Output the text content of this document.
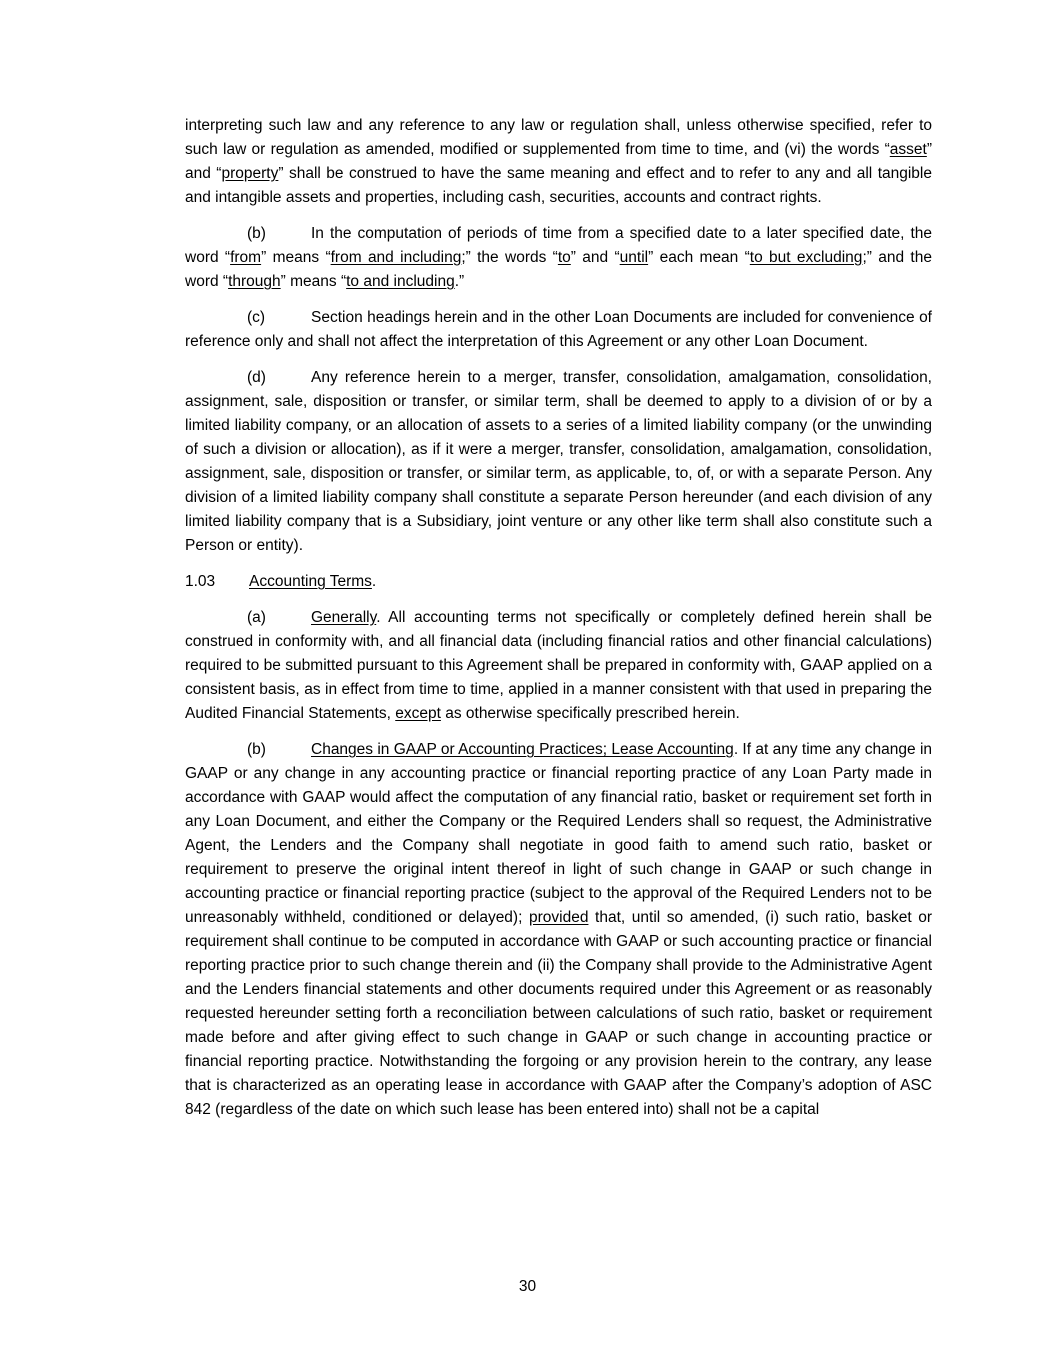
interpreting such law and any reference to any law or regulation shall, unless otherwise specified, refer to such law or regulation as amended, modified or supplemented from time to time, and (vi) the words “asset” and “property” shall be construed to have the same meaning and effect and to refer to any and all tangible and intangible assets and properties, including cash, securities, accounts and contract rights.

(b)	In the computation of periods of time from a specified date to a later specified date, the word “from” means “from and including;” the words “to” and “until” each mean “to but excluding;” and the word “through” means “to and including.”

(c)	Section headings herein and in the other Loan Documents are included for convenience of reference only and shall not affect the interpretation of this Agreement or any other Loan Document.

(d)	Any reference herein to a merger, transfer, consolidation, amalgamation, consolidation, assignment, sale, disposition or transfer, or similar term, shall be deemed to apply to a division of or by a limited liability company, or an allocation of assets to a series of a limited liability company (or the unwinding of such a division or allocation), as if it were a merger, transfer, consolidation, amalgamation, consolidation, assignment, sale, disposition or transfer, or similar term, as applicable, to, of, or with a separate Person. Any division of a limited liability company shall constitute a separate Person hereunder (and each division of any limited liability company that is a Subsidiary, joint venture or any other like term shall also constitute such a Person or entity).

1.03 Accounting Terms.

(a)	Generally. All accounting terms not specifically or completely defined herein shall be construed in conformity with, and all financial data (including financial ratios and other financial calculations) required to be submitted pursuant to this Agreement shall be prepared in conformity with, GAAP applied on a consistent basis, as in effect from time to time, applied in a manner consistent with that used in preparing the Audited Financial Statements, except as otherwise specifically prescribed herein.

(b)	Changes in GAAP or Accounting Practices; Lease Accounting. If at any time any change in GAAP or any change in any accounting practice or financial reporting practice of any Loan Party made in accordance with GAAP would affect the computation of any financial ratio, basket or requirement set forth in any Loan Document, and either the Company or the Required Lenders shall so request, the Administrative Agent, the Lenders and the Company shall negotiate in good faith to amend such ratio, basket or requirement to preserve the original intent thereof in light of such change in GAAP or such change in accounting practice or financial reporting practice (subject to the approval of the Required Lenders not to be unreasonably withheld, conditioned or delayed); provided that, until so amended, (i) such ratio, basket or requirement shall continue to be computed in accordance with GAAP or such accounting practice or financial reporting practice prior to such change therein and (ii) the Company shall provide to the Administrative Agent and the Lenders financial statements and other documents required under this Agreement or as reasonably requested hereunder setting forth a reconciliation between calculations of such ratio, basket or requirement made before and after giving effect to such change in GAAP or such change in accounting practice or financial reporting practice. Notwithstanding the forgoing or any provision herein to the contrary, any lease that is characterized as an operating lease in accordance with GAAP after the Company’s adoption of ASC 842 (regardless of the date on which such lease has been entered into) shall not be a capital

30
